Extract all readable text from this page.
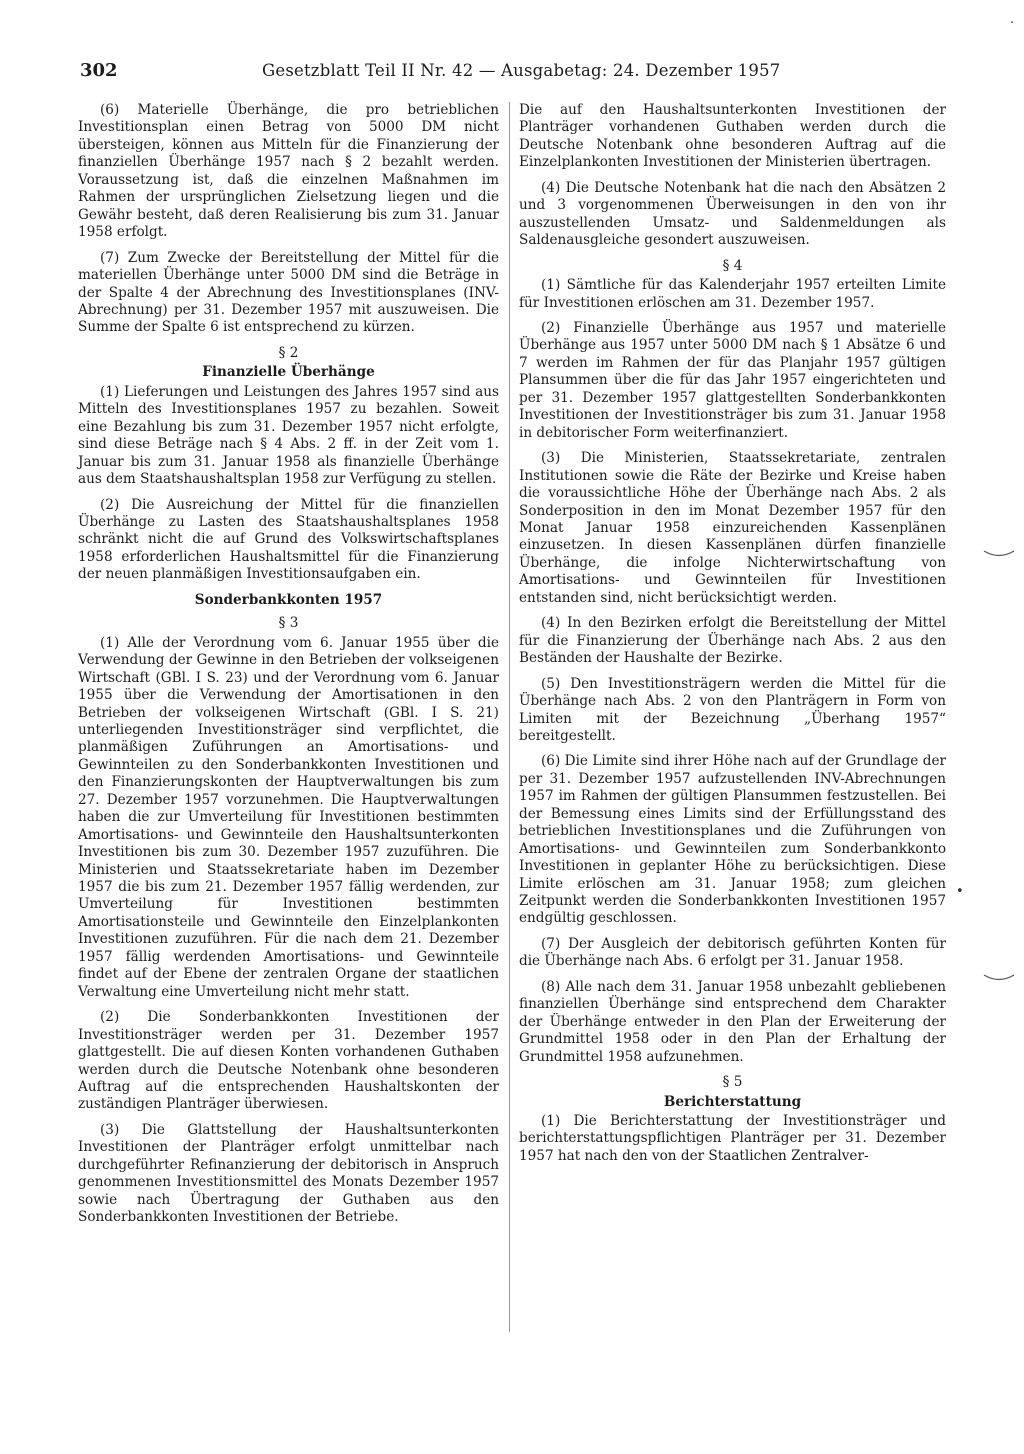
302	Gesetzblatt Teil II Nr. 42 — Ausgabetag: 24. Dezember 1957

(6) Materielle Überhänge, die pro betrieblichen Investitionsplan einen Betrag von 5000 DM nicht übersteigen, können aus Mitteln für die Finanzierung der finanziellen Überhänge 1957 nach § 2 bezahlt werden. Voraussetzung ist, daß die einzelnen Maßnahmen im Rahmen der ursprünglichen Zielsetzung liegen und die Gewähr besteht, daß deren Realisierung bis zum 31. Januar 1958 erfolgt.

(7) Zum Zwecke der Bereitstellung der Mittel für die materiellen Überhänge unter 5000 DM sind die Beträge in der Spalte 4 der Abrechnung des Investitionsplanes (INV-Abrechnung) per 31. Dezember 1957 mit auszuweisen. Die Summe der Spalte 6 ist entsprechend zu kürzen.

§ 2

Finanzielle Überhänge

(1) Lieferungen und Leistungen des Jahres 1957 sind aus Mitteln des Investitionsplanes 1957 zu bezahlen. Soweit eine Bezahlung bis zum 31. Dezember 1957 nicht erfolgte, sind diese Beträge nach § 4 Abs. 2 ff. in der Zeit vom 1. Januar bis zum 31. Januar 1958 als finanzielle Überhänge aus dem Staatshaushaltsplan 1958 zur Verfügung zu stellen.

(2) Die Ausreichung der Mittel für die finanziellen Überhänge zu Lasten des Staatshaushaltsplanes 1958 schränkt nicht die auf Grund des Volkswirtschaftsplanes 1958 erforderlichen Haushaltsmittel für die Finanzierung der neuen planmäßigen Investitionsaufgaben ein.

Sonderbankkonten 1957

§ 3

(1) Alle der Verordnung vom 6. Januar 1955 über die Verwendung der Gewinne in den Betrieben der volkseigenen Wirtschaft (GBl. I S. 23) und der Verordnung vom 6. Januar 1955 über die Verwendung der Amortisationen in den Betrieben der volkseigenen Wirtschaft (GBl. I S. 21) unterliegenden Investitionsträger sind verpflichtet, die planmäßigen Zuführungen an Amortisations- und Gewinnteilen zu den Sonderbankkonten Investitionen und den Finanzierungskonten der Hauptverwaltungen bis zum 27. Dezember 1957 vorzunehmen. Die Hauptverwaltungen haben die zur Umverteilung für Investitionen bestimmten Amortisations- und Gewinnteile den Haushaltsunterkonten Investitionen bis zum 30. Dezember 1957 zuzuführen. Die Ministerien und Staatssekretariate haben im Dezember 1957 die bis zum 21. Dezember 1957 fällig werdenden, zur Umverteilung für Investitionen bestimmten Amortisationsteile und Gewinnteile den Einzelplankonten Investitionen zuzuführen. Für die nach dem 21. Dezember 1957 fällig werdenden Amortisations- und Gewinnteile findet auf der Ebene der zentralen Organe der staatlichen Verwaltung eine Umverteilung nicht mehr statt.

(2) Die Sonderbankkonten Investitionen der Investitionsträger werden per 31. Dezember 1957 glattgestellt. Die auf diesen Konten vorhandenen Guthaben werden durch die Deutsche Notenbank ohne besonderen Auftrag auf die entsprechenden Haushaltskonten der zuständigen Planträger überwiesen.

(3) Die Glattstellung der Haushaltsunterkonten Investitionen der Planträger erfolgt unmittelbar nach durchgeführter Refinanzierung der debitorisch in Anspruch genommenen Investitionsmittel des Monats Dezember 1957 sowie nach Übertragung der Guthaben aus den Sonderbankkonten Investitionen der Betriebe.

Die auf den Haushaltsunterkonten Investitionen der Planträger vorhandenen Guthaben werden durch die Deutsche Notenbank ohne besonderen Auftrag auf die Einzelplankonten Investitionen der Ministerien übertragen.

(4) Die Deutsche Notenbank hat die nach den Absätzen 2 und 3 vorgenommenen Überweisungen in den von ihr auszustellenden Umsatz- und Saldenmeldungen als Saldenausgleiche gesondert auszuweisen.

§ 4

(1) Sämtliche für das Kalenderjahr 1957 erteilten Limite für Investitionen erlöschen am 31. Dezember 1957.

(2) Finanzielle Überhänge aus 1957 und materielle Überhänge aus 1957 unter 5000 DM nach § 1 Absätze 6 und 7 werden im Rahmen der für das Planjahr 1957 gültigen Plansummen über die für das Jahr 1957 eingerichteten und per 31. Dezember 1957 glattgestellten Sonderbankkonten Investitionen der Investitionsträger bis zum 31. Januar 1958 in debitorischer Form weiterfinanziert.

(3) Die Ministerien, Staatssekretariate, zentralen Institutionen sowie die Räte der Bezirke und Kreise haben die voraussichtliche Höhe der Überhänge nach Abs. 2 als Sonderposition in den im Monat Dezember 1957 für den Monat Januar 1958 einzureichenden Kassenplänen einzusetzen. In diesen Kassenplänen dürfen finanzielle Überhänge, die infolge Nichterwirtschaftung von Amortisations- und Gewinnteilen für Investitionen entstanden sind, nicht berücksichtigt werden.

(4) In den Bezirken erfolgt die Bereitstellung der Mittel für die Finanzierung der Überhänge nach Abs. 2 aus den Beständen der Haushalte der Bezirke.

(5) Den Investitionsträgern werden die Mittel für die Überhänge nach Abs. 2 von den Planträgern in Form von Limiten mit der Bezeichnung „Überhang 1957“ bereitgestellt.

(6) Die Limite sind ihrer Höhe nach auf der Grundlage der per 31. Dezember 1957 aufzustellenden INV-Abrechnungen 1957 im Rahmen der gültigen Plansummen festzustellen. Bei der Bemessung eines Limits sind der Erfüllungsstand des betrieblichen Investitionsplanes und die Zuführungen von Amortisations- und Gewinnteilen zum Sonderbankkonto Investitionen in geplanter Höhe zu berücksichtigen. Diese Limite erlöschen am 31. Januar 1958; zum gleichen Zeitpunkt werden die Sonderbankkonten Investitionen 1957 endgültig geschlossen.

(7) Der Ausgleich der debitorisch geführten Konten für die Überhänge nach Abs. 6 erfolgt per 31. Januar 1958.

(8) Alle nach dem 31. Januar 1958 unbezahlt gebliebenen finanziellen Überhänge sind entsprechend dem Charakter der Überhänge entweder in den Plan der Erweiterung der Grundmittel 1958 oder in den Plan der Erhaltung der Grundmittel 1958 aufzunehmen.

§ 5

Berichterstattung

(1) Die Berichterstattung der Investitionsträger und berichterstattungspflichtigen Planträger per 31. Dezember 1957 hat nach den von der Staatlichen Zentralver-

·
•
